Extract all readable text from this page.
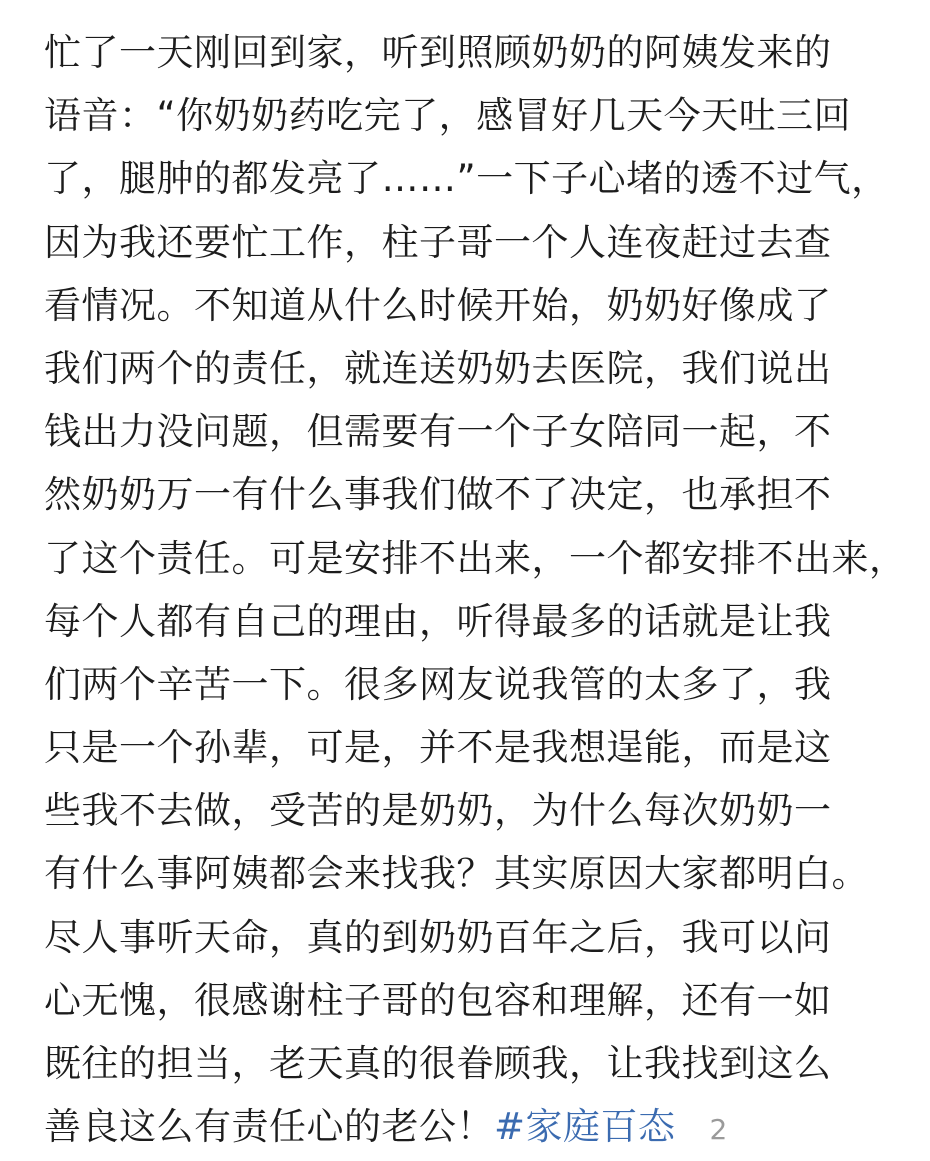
忙了一天刚回到家，听到照顾奶奶的阿姨发来的
语音：“你奶奶药吃完了，感冒好几天今天吐三回
了，腿肿的都发亮了……”一下子心堵的透不过气，
因为我还要忙工作，柱子哥一个人连夜赶过去查
看情况。不知道从什么时候开始，奶奶好像成了
我们两个的责任，就连送奶奶去医院，我们说出
钱出力没问题，但需要有一个子女陪同一起，不
然奶奶万一有什么事我们做不了决定，也承担不
了这个责任。可是安排不出来，一个都安排不出来，
每个人都有自己的理由，听得最多的话就是让我
们两个辛苦一下。很多网友说我管的太多了，我
只是一个孙辈，可是，并不是我想逞能，而是这
些我不去做，受苦的是奶奶，为什么每次奶奶一
有什么事阿姨都会来找我？其实原因大家都明白。
尽人事听天命，真的到奶奶百年之后，我可以问
心无愧，很感谢柱子哥的包容和理解，还有一如
既往的担当，老天真的很眷顾我，让我找到这么
善良这么有责任心的老公！#家庭百态 2
